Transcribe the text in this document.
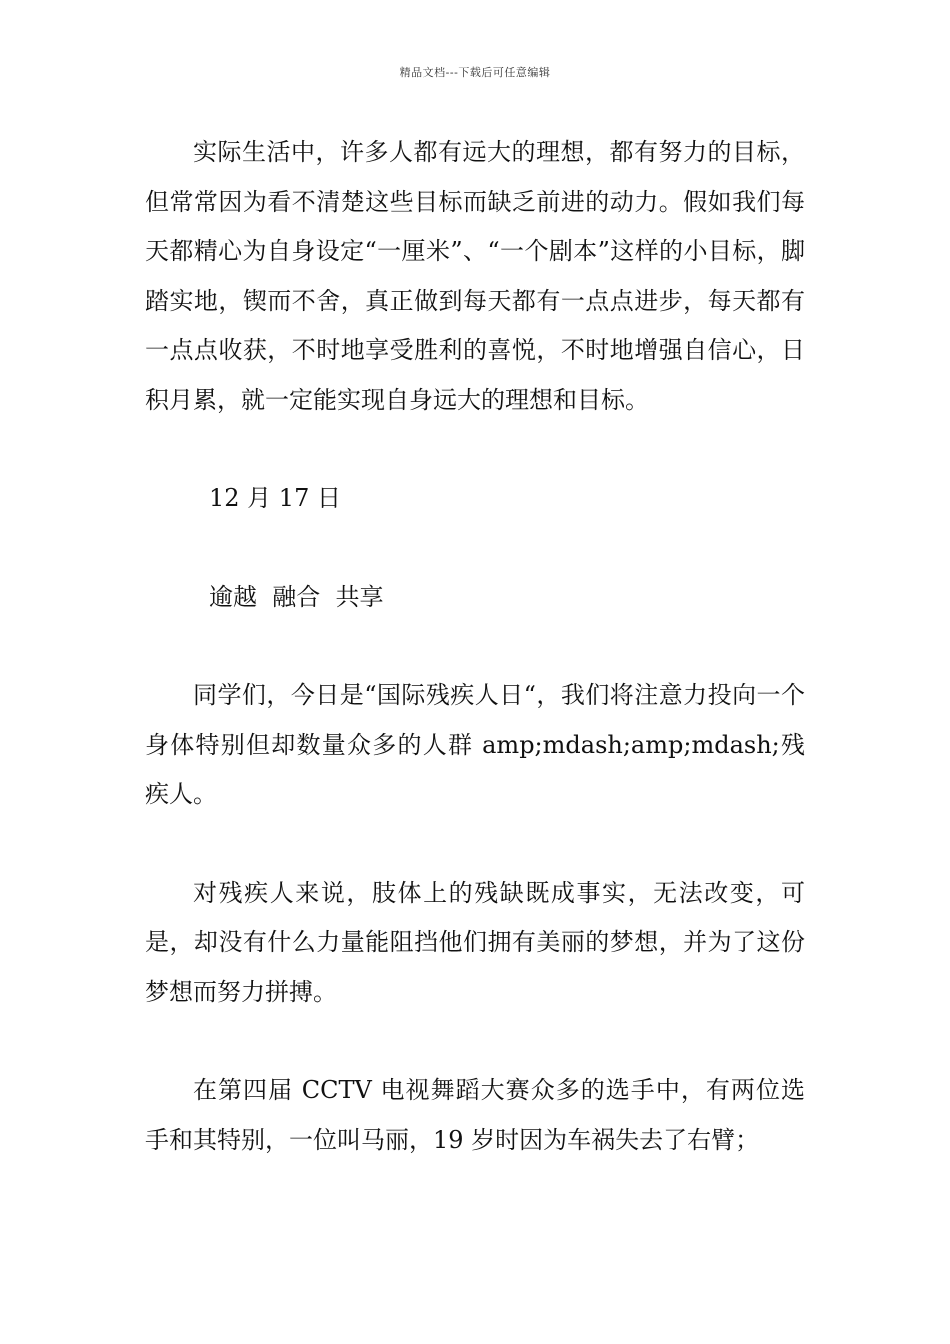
精品文档---下载后可任意编辑

实际生活中，许多人都有远大的理想，都有努力的目标，但常常因为看不清楚这些目标而缺乏前进的动力。假如我们每天都精心为自身设定“一厘米”、“一个剧本”这样的小目标，脚踏实地，锲而不舍，真正做到每天都有一点点进步，每天都有一点点收获，不时地享受胜利的喜悦，不时地增强自信心，日积月累，就一定能实现自身远大的理想和目标。

12 月 17 日

逾越  融合  共享

同学们，今日是“国际残疾人日“，我们将注意力投向一个身体特别但却数量众多的人群 amp;mdash;amp;mdash;残疾人。

对残疾人来说，肢体上的残缺既成事实，无法改变，可是，却没有什么力量能阻挡他们拥有美丽的梦想，并为了这份梦想而努力拼搏。

在第四届 CCTV 电视舞蹈大赛众多的选手中，有两位选手和其特别，一位叫马丽，19 岁时因为车祸失去了右臂；
